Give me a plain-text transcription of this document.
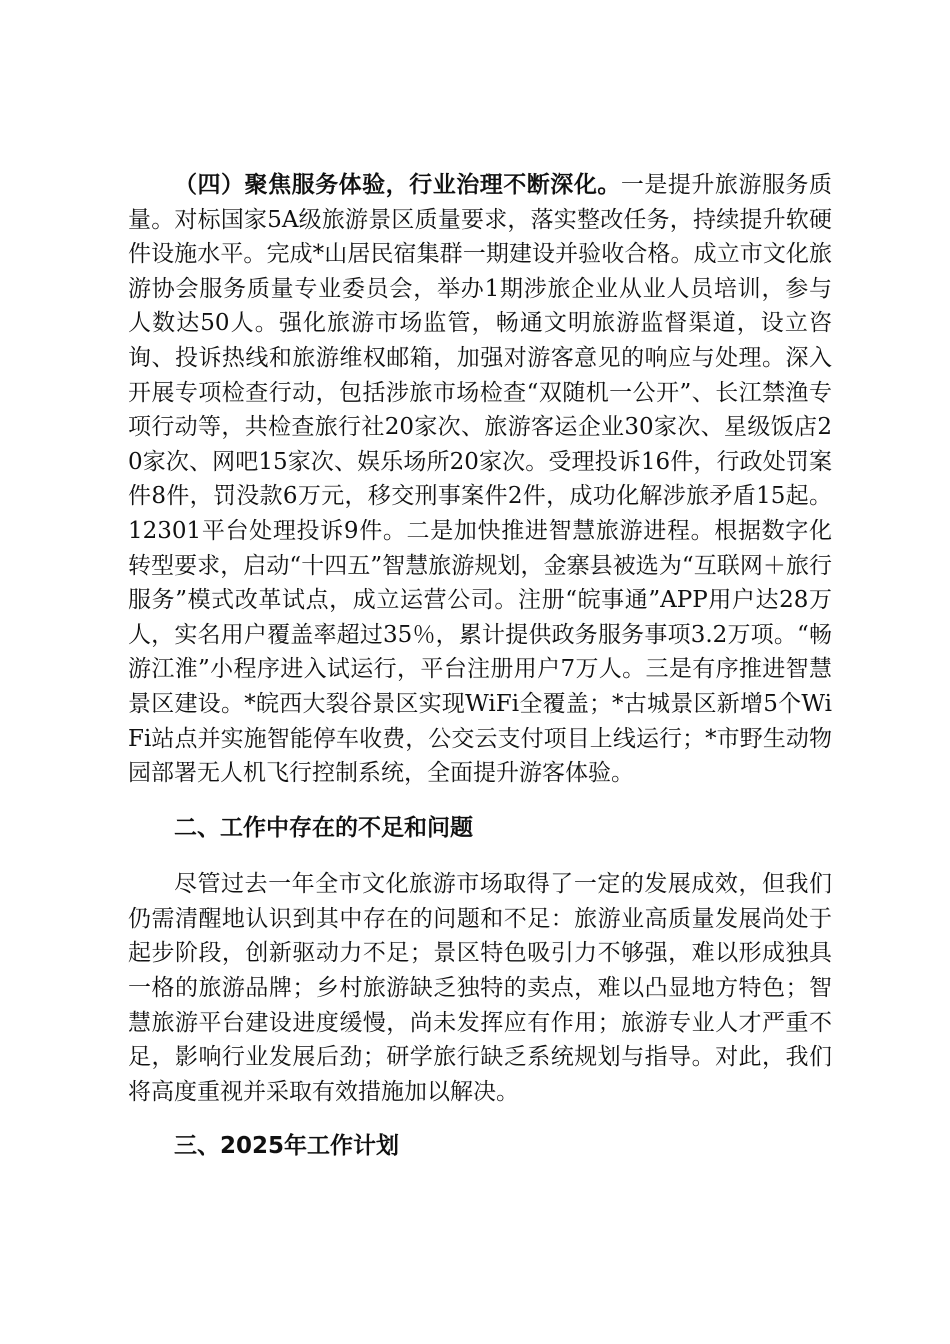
（四）聚焦服务体验，行业治理不断深化。一是提升旅游服务质量。对标国家5A级旅游景区质量要求，落实整改任务，持续提升软硬件设施水平。完成*山居民宿集群一期建设并验收合格。成立市文化旅游协会服务质量专业委员会，举办1期涉旅企业从业人员培训，参与人数达50人。强化旅游市场监管，畅通文明旅游监督渠道，设立咨询、投诉热线和旅游维权邮箱，加强对游客意见的响应与处理。深入开展专项检查行动，包括涉旅市场检查“双随机一公开”、长江禁渔专项行动等，共检查旅行社20家次、旅游客运企业30家次、星级饭店20家次、网吧15家次、娱乐场所20家次。受理投诉16件，行政处罚案件8件，罚没款6万元，移交刑事案件2件，成功化解涉旅矛盾15起。12301平台处理投诉9件。二是加快推进智慧旅游进程。根据数字化转型要求，启动“十四五”智慧旅游规划，金寨县被选为“互联网＋旅行服务”模式改革试点，成立运营公司。注册“皖事通”APP用户达28万人，实名用户覆盖率超过35％，累计提供政务服务事项3.2万项。“畅游江淮”小程序进入试运行，平台注册用户7万人。三是有序推进智慧景区建设。*皖西大裂谷景区实现WiFi全覆盖；*古城景区新增5个WiFi站点并实施智能停车收费，公交云支付项目上线运行；*市野生动物园部署无人机飞行控制系统，全面提升游客体验。

二、工作中存在的不足和问题

尽管过去一年全市文化旅游市场取得了一定的发展成效，但我们仍需清醒地认识到其中存在的问题和不足：旅游业高质量发展尚处于起步阶段，创新驱动力不足；景区特色吸引力不够强，难以形成独具一格的旅游品牌；乡村旅游缺乏独特的卖点，难以凸显地方特色；智慧旅游平台建设进度缓慢，尚未发挥应有作用；旅游专业人才严重不足，影响行业发展后劲；研学旅行缺乏系统规划与指导。对此，我们将高度重视并采取有效措施加以解决。

三、2025年工作计划
